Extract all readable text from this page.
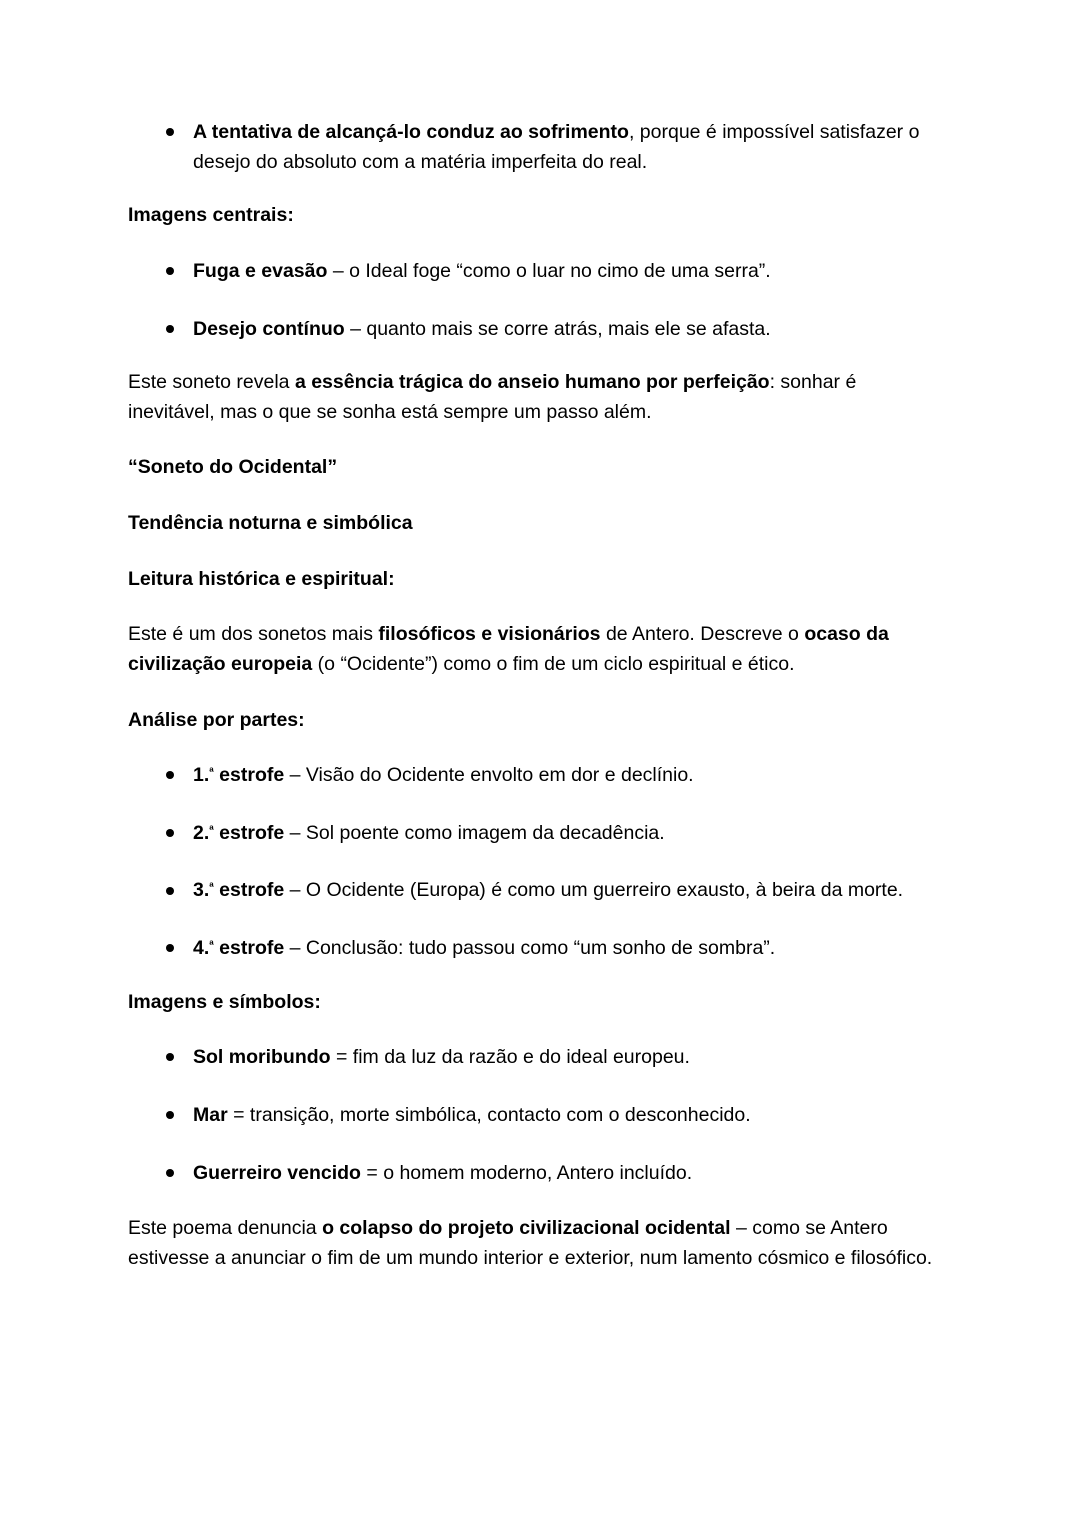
A tentativa de alcançá-lo conduz ao sofrimento, porque é impossível satisfazer o desejo do absoluto com a matéria imperfeita do real.

Imagens centrais:

Fuga e evasão – o Ideal foge “como o luar no cimo de uma serra”.
Desejo contínuo – quanto mais se corre atrás, mais ele se afasta.

Este soneto revela a essência trágica do anseio humano por perfeição: sonhar é inevitável, mas o que se sonha está sempre um passo além.

“Soneto do Ocidental”

Tendência noturna e simbólica

Leitura histórica e espiritual:

Este é um dos sonetos mais filosóficos e visionários de Antero. Descreve o ocaso da civilização europeia (o “Ocidente”) como o fim de um ciclo espiritual e ético.

Análise por partes:

1.$^ª$ estrofe – Visão do Ocidente envolto em dor e declínio.
2.$^ª$ estrofe – Sol poente como imagem da decadência.
3.$^ª$ estrofe – O Ocidente (Europa) é como um guerreiro exausto, à beira da morte.
4.$^ª$ estrofe – Conclusão: tudo passou como “um sonho de sombra”.

Imagens e símbolos:

Sol moribundo = fim da luz da razão e do ideal europeu.
Mar = transição, morte simbólica, contacto com o desconhecido.
Guerreiro vencido = o homem moderno, Antero incluído.

Este poema denuncia o colapso do projeto civilizacional ocidental – como se Antero estivesse a anunciar o fim de um mundo interior e exterior, num lamento cósmico e filosófico.
